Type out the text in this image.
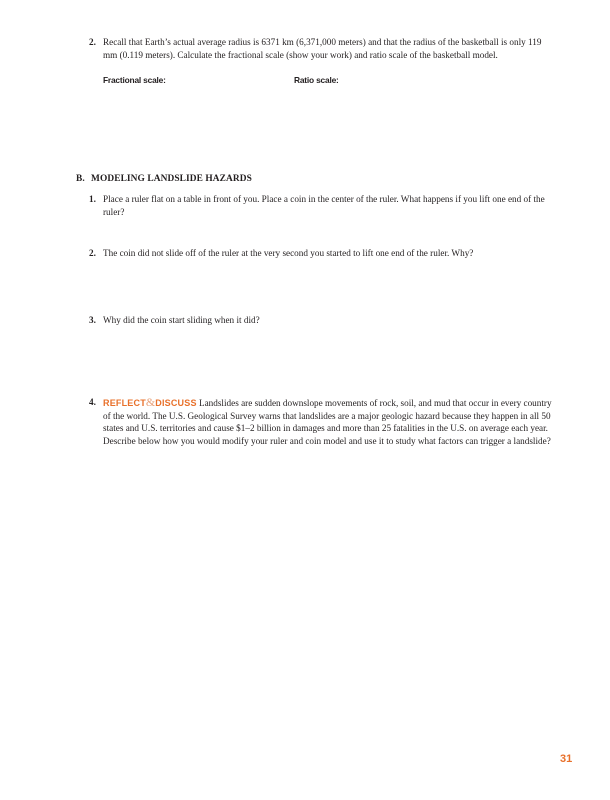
2. Recall that Earth’s actual average radius is 6371 km (6,371,000 meters) and that the radius of the basketball is only 119 mm (0.119 meters). Calculate the fractional scale (show your work) and ratio scale of the basketball model.
Fractional scale:	Ratio scale:
B. MODELING LANDSLIDE HAZARDS
1. Place a ruler flat on a table in front of you. Place a coin in the center of the ruler. What happens if you lift one end of the ruler?
2. The coin did not slide off of the ruler at the very second you started to lift one end of the ruler. Why?
3. Why did the coin start sliding when it did?
4. REFLECT&DISCUSS Landslides are sudden downslope movements of rock, soil, and mud that occur in every country of the world. The U.S. Geological Survey warns that landslides are a major geologic hazard because they happen in all 50 states and U.S. territories and cause $1–2 billion in damages and more than 25 fatalities in the U.S. on average each year. Describe below how you would modify your ruler and coin model and use it to study what factors can trigger a landslide?
31
